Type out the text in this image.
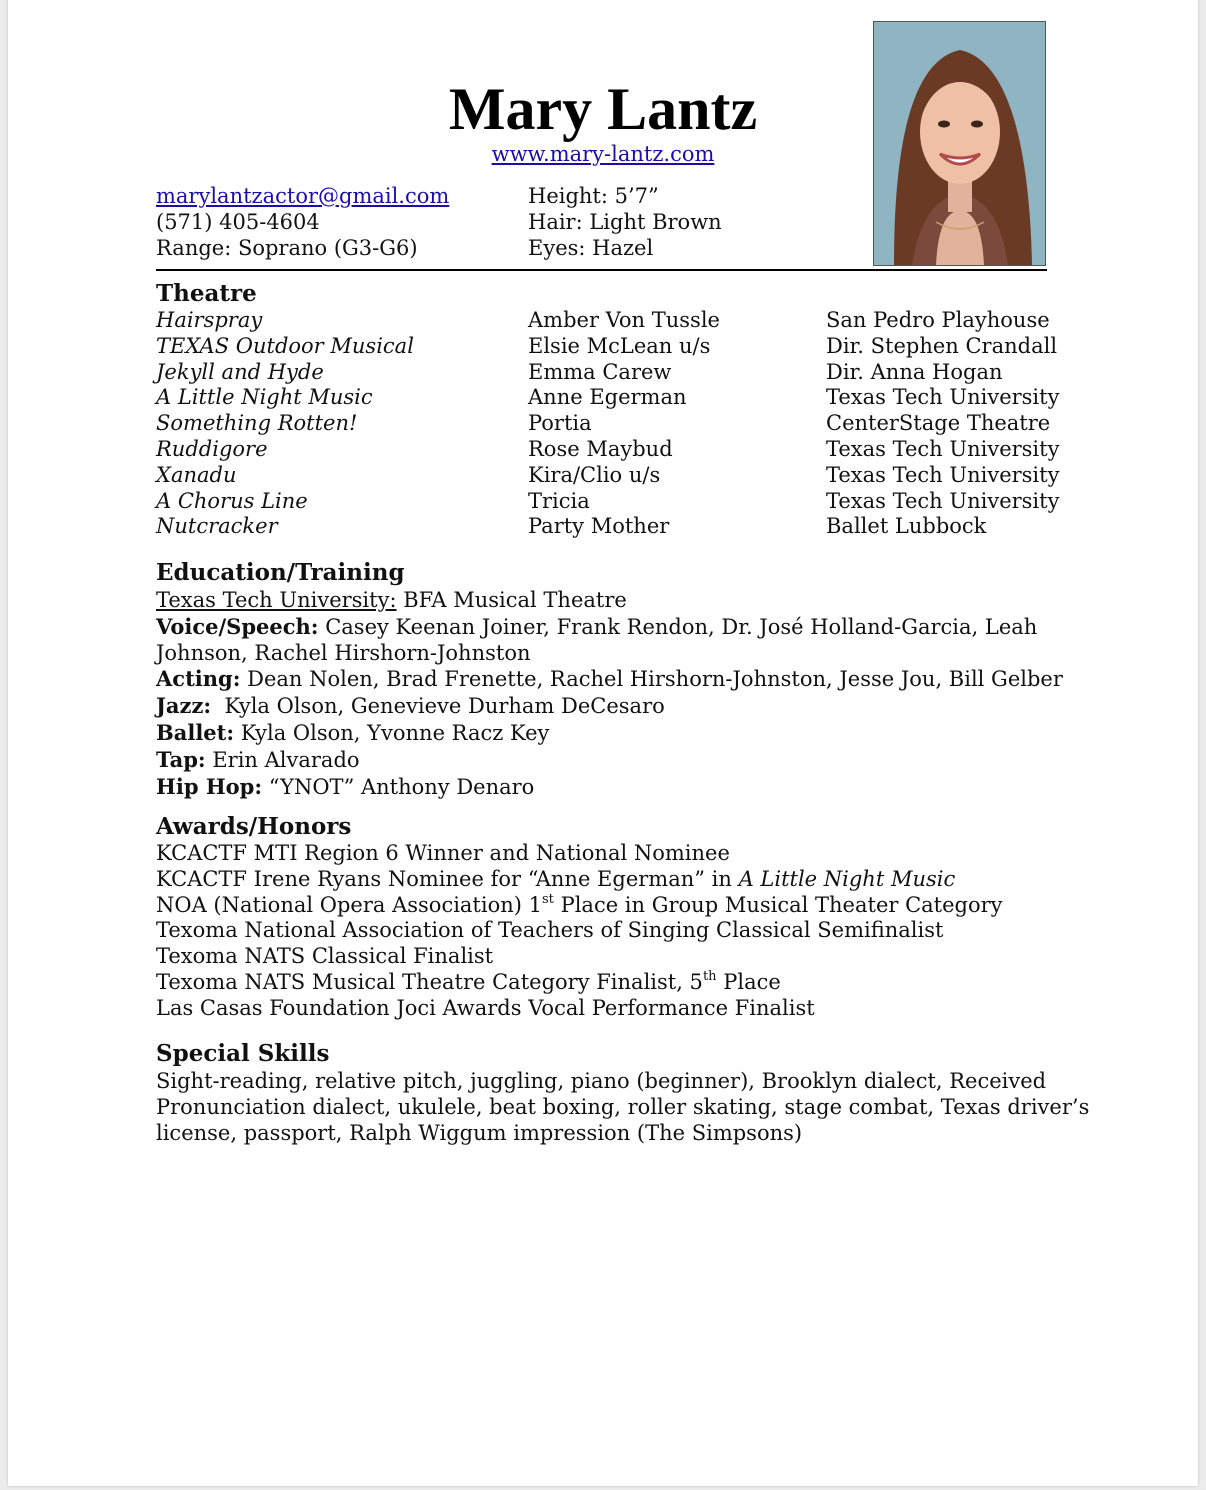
Mary Lantz
www.mary-lantz.com
marylantzactor@gmail.com
(571) 405-4604
Range: Soprano (G3-G6)
Height: 5’7”
Hair: Light Brown
Eyes: Hazel
Theatre
Hairspray	Amber Von Tussle	San Pedro Playhouse
TEXAS Outdoor Musical	Elsie McLean u/s	Dir. Stephen Crandall
Jekyll and Hyde	Emma Carew	Dir. Anna Hogan
A Little Night Music	Anne Egerman	Texas Tech University
Something Rotten!	Portia	CenterStage Theatre
Ruddigore	Rose Maybud	Texas Tech University
Xanadu	Kira/Clio u/s	Texas Tech University
A Chorus Line	Tricia	Texas Tech University
Nutcracker	Party Mother	Ballet Lubbock
Education/Training
Texas Tech University: BFA Musical Theatre
Voice/Speech: Casey Keenan Joiner, Frank Rendon, Dr. José Holland-Garcia, Leah
Johnson, Rachel Hirshorn-Johnston
Acting: Dean Nolen, Brad Frenette, Rachel Hirshorn-Johnston, Jesse Jou, Bill Gelber
Jazz:  Kyla Olson, Genevieve Durham DeCesaro
Ballet: Kyla Olson, Yvonne Racz Key
Tap: Erin Alvarado
Hip Hop: “YNOT” Anthony Denaro
Awards/Honors
KCACTF MTI Region 6 Winner and National Nominee
KCACTF Irene Ryans Nominee for “Anne Egerman” in A Little Night Music
NOA (National Opera Association) 1st Place in Group Musical Theater Category
Texoma National Association of Teachers of Singing Classical Semifinalist
Texoma NATS Classical Finalist
Texoma NATS Musical Theatre Category Finalist, 5th Place
Las Casas Foundation Joci Awards Vocal Performance Finalist
Special Skills
Sight-reading, relative pitch, juggling, piano (beginner), Brooklyn dialect, Received
Pronunciation dialect, ukulele, beat boxing, roller skating, stage combat, Texas driver’s
license, passport, Ralph Wiggum impression (The Simpsons)
